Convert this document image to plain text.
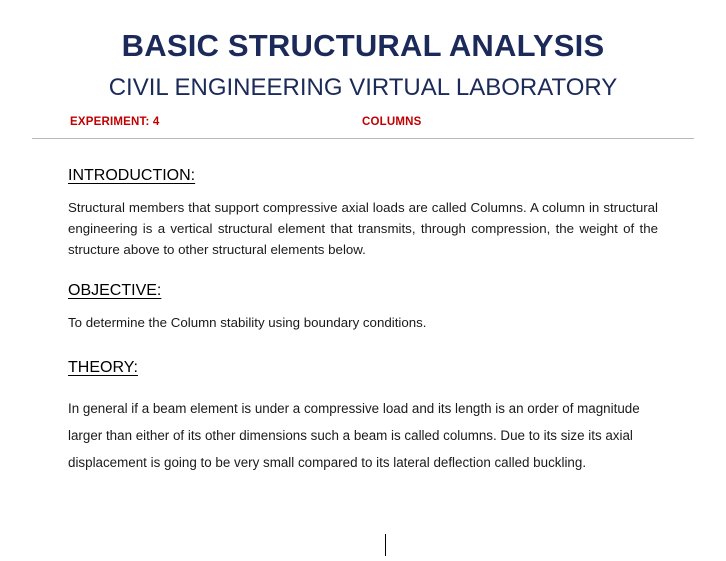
BASIC STRUCTURAL ANALYSIS
CIVIL ENGINEERING VIRTUAL LABORATORY
EXPERIMENT: 4	COLUMNS
INTRODUCTION:

Structural members that support compressive axial loads are called Columns. A column in structural engineering is a vertical structural element that transmits, through compression, the weight of the structure above to other structural elements below.

OBJECTIVE:

To determine the Column stability using boundary conditions.

THEORY:

In general if a beam element is under a compressive load and its length is an order of magnitude larger than either of its other dimensions such a beam is called columns. Due to its size its axial displacement is going to be very small compared to its lateral deflection called buckling.
